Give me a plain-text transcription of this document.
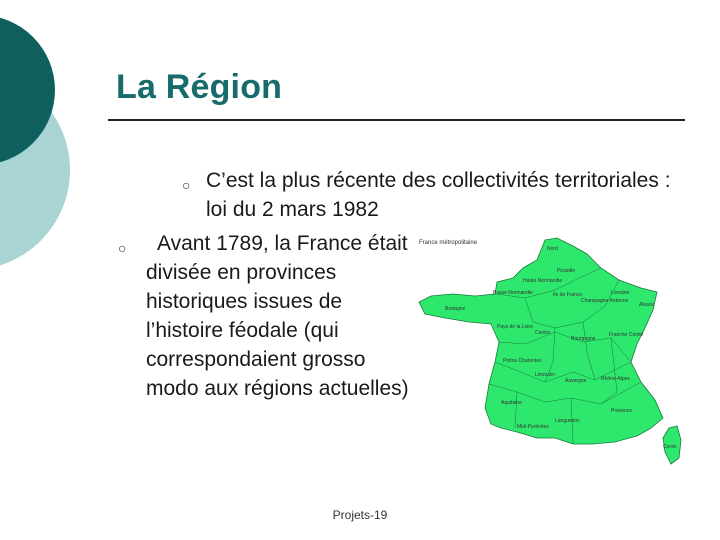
La Région
○ C’est la plus récente des collectivités territoriales : loi du 2 mars 1982
○	Avant 1789, la France était divisée en provinces historiques issues de l’histoire féodale (qui correspondaient grosso modo aux régions actuelles)
France métropolitaine
Nord
Picardie
Haute Normandie
Basse Normandie	Ile de France
Champagne Ardenne
Lorraine
Alsace
Bretagne
Pays de la Loire
Centre
Bourgogne
Franche Comté
Poitou Charentes
Limousin
Auvergne	Rhône-Alpes
Aquitaine
Midi-Pyrénées
Languedoc
Provence
Corse
Projets-19
